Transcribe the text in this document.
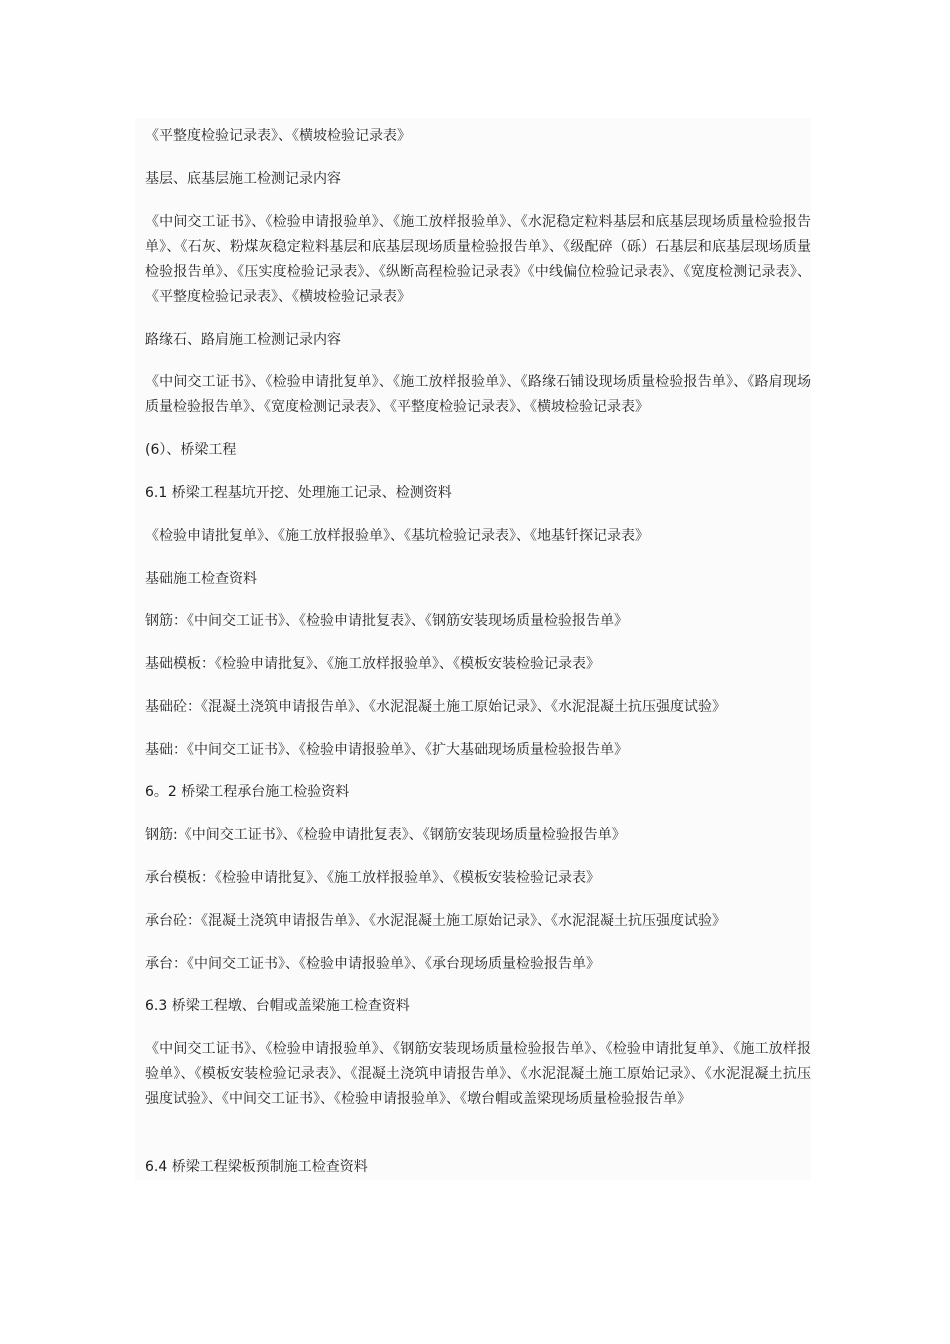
《平整度检验记录表》、《横坡检验记录表》

基层、底基层施工检测记录内容

《中间交工证书》、《检验申请报验单》、《施工放样报验单》、《水泥稳定粒料基层和底基层现场质量检验报告单》、《石灰、粉煤灰稳定粒料基层和底基层现场质量检验报告单》、《级配碎（砾）石基层和底基层现场质量检验报告单》、《压实度检验记录表》、《纵断高程检验记录表》《中线偏位检验记录表》、《宽度检测记录表》、《平整度检验记录表》、《横坡检验记录表》

路缘石、路肩施工检测记录内容

《中间交工证书》、《检验申请批复单》、《施工放样报验单》、《路缘石铺设现场质量检验报告单》、《路肩现场质量检验报告单》、《宽度检测记录表》、《平整度检验记录表》、《横坡检验记录表》

(6）、桥梁工程

6.1 桥梁工程基坑开挖、处理施工记录、检测资料

《检验申请批复单》、《施工放样报验单》、《基坑检验记录表》、《地基钎探记录表》

基础施工检查资料

钢筋：《中间交工证书》、《检验申请批复表》、《钢筋安装现场质量检验报告单》

基础模板：《检验申请批复》、《施工放样报验单》、《模板安装检验记录表》

基础砼：《混凝土浇筑申请报告单》、《水泥混凝土施工原始记录》、《水泥混凝土抗压强度试验》

基础：《中间交工证书》、《检验申请报验单》、《扩大基础现场质量检验报告单》

6。2 桥梁工程承台施工检验资料

钢筋:《中间交工证书》、《检验申请批复表》、《钢筋安装现场质量检验报告单》

承台模板：《检验申请批复》、《施工放样报验单》、《模板安装检验记录表》

承台砼：《混凝土浇筑申请报告单》、《水泥混凝土施工原始记录》、《水泥混凝土抗压强度试验》

承台：《中间交工证书》、《检验申请报验单》、《承台现场质量检验报告单》

6.3 桥梁工程墩、台帽或盖梁施工检查资料

《中间交工证书》、《检验申请报验单》、《钢筋安装现场质量检验报告单》、《检验申请批复单》、《施工放样报验单》、《模板安装检验记录表》、《混凝土浇筑申请报告单》、《水泥混凝土施工原始记录》、《水泥混凝土抗压强度试验》、《中间交工证书》、《检验申请报验单》、《墩台帽或盖梁现场质量检验报告单》

6.4 桥梁工程梁板预制施工检查资料
